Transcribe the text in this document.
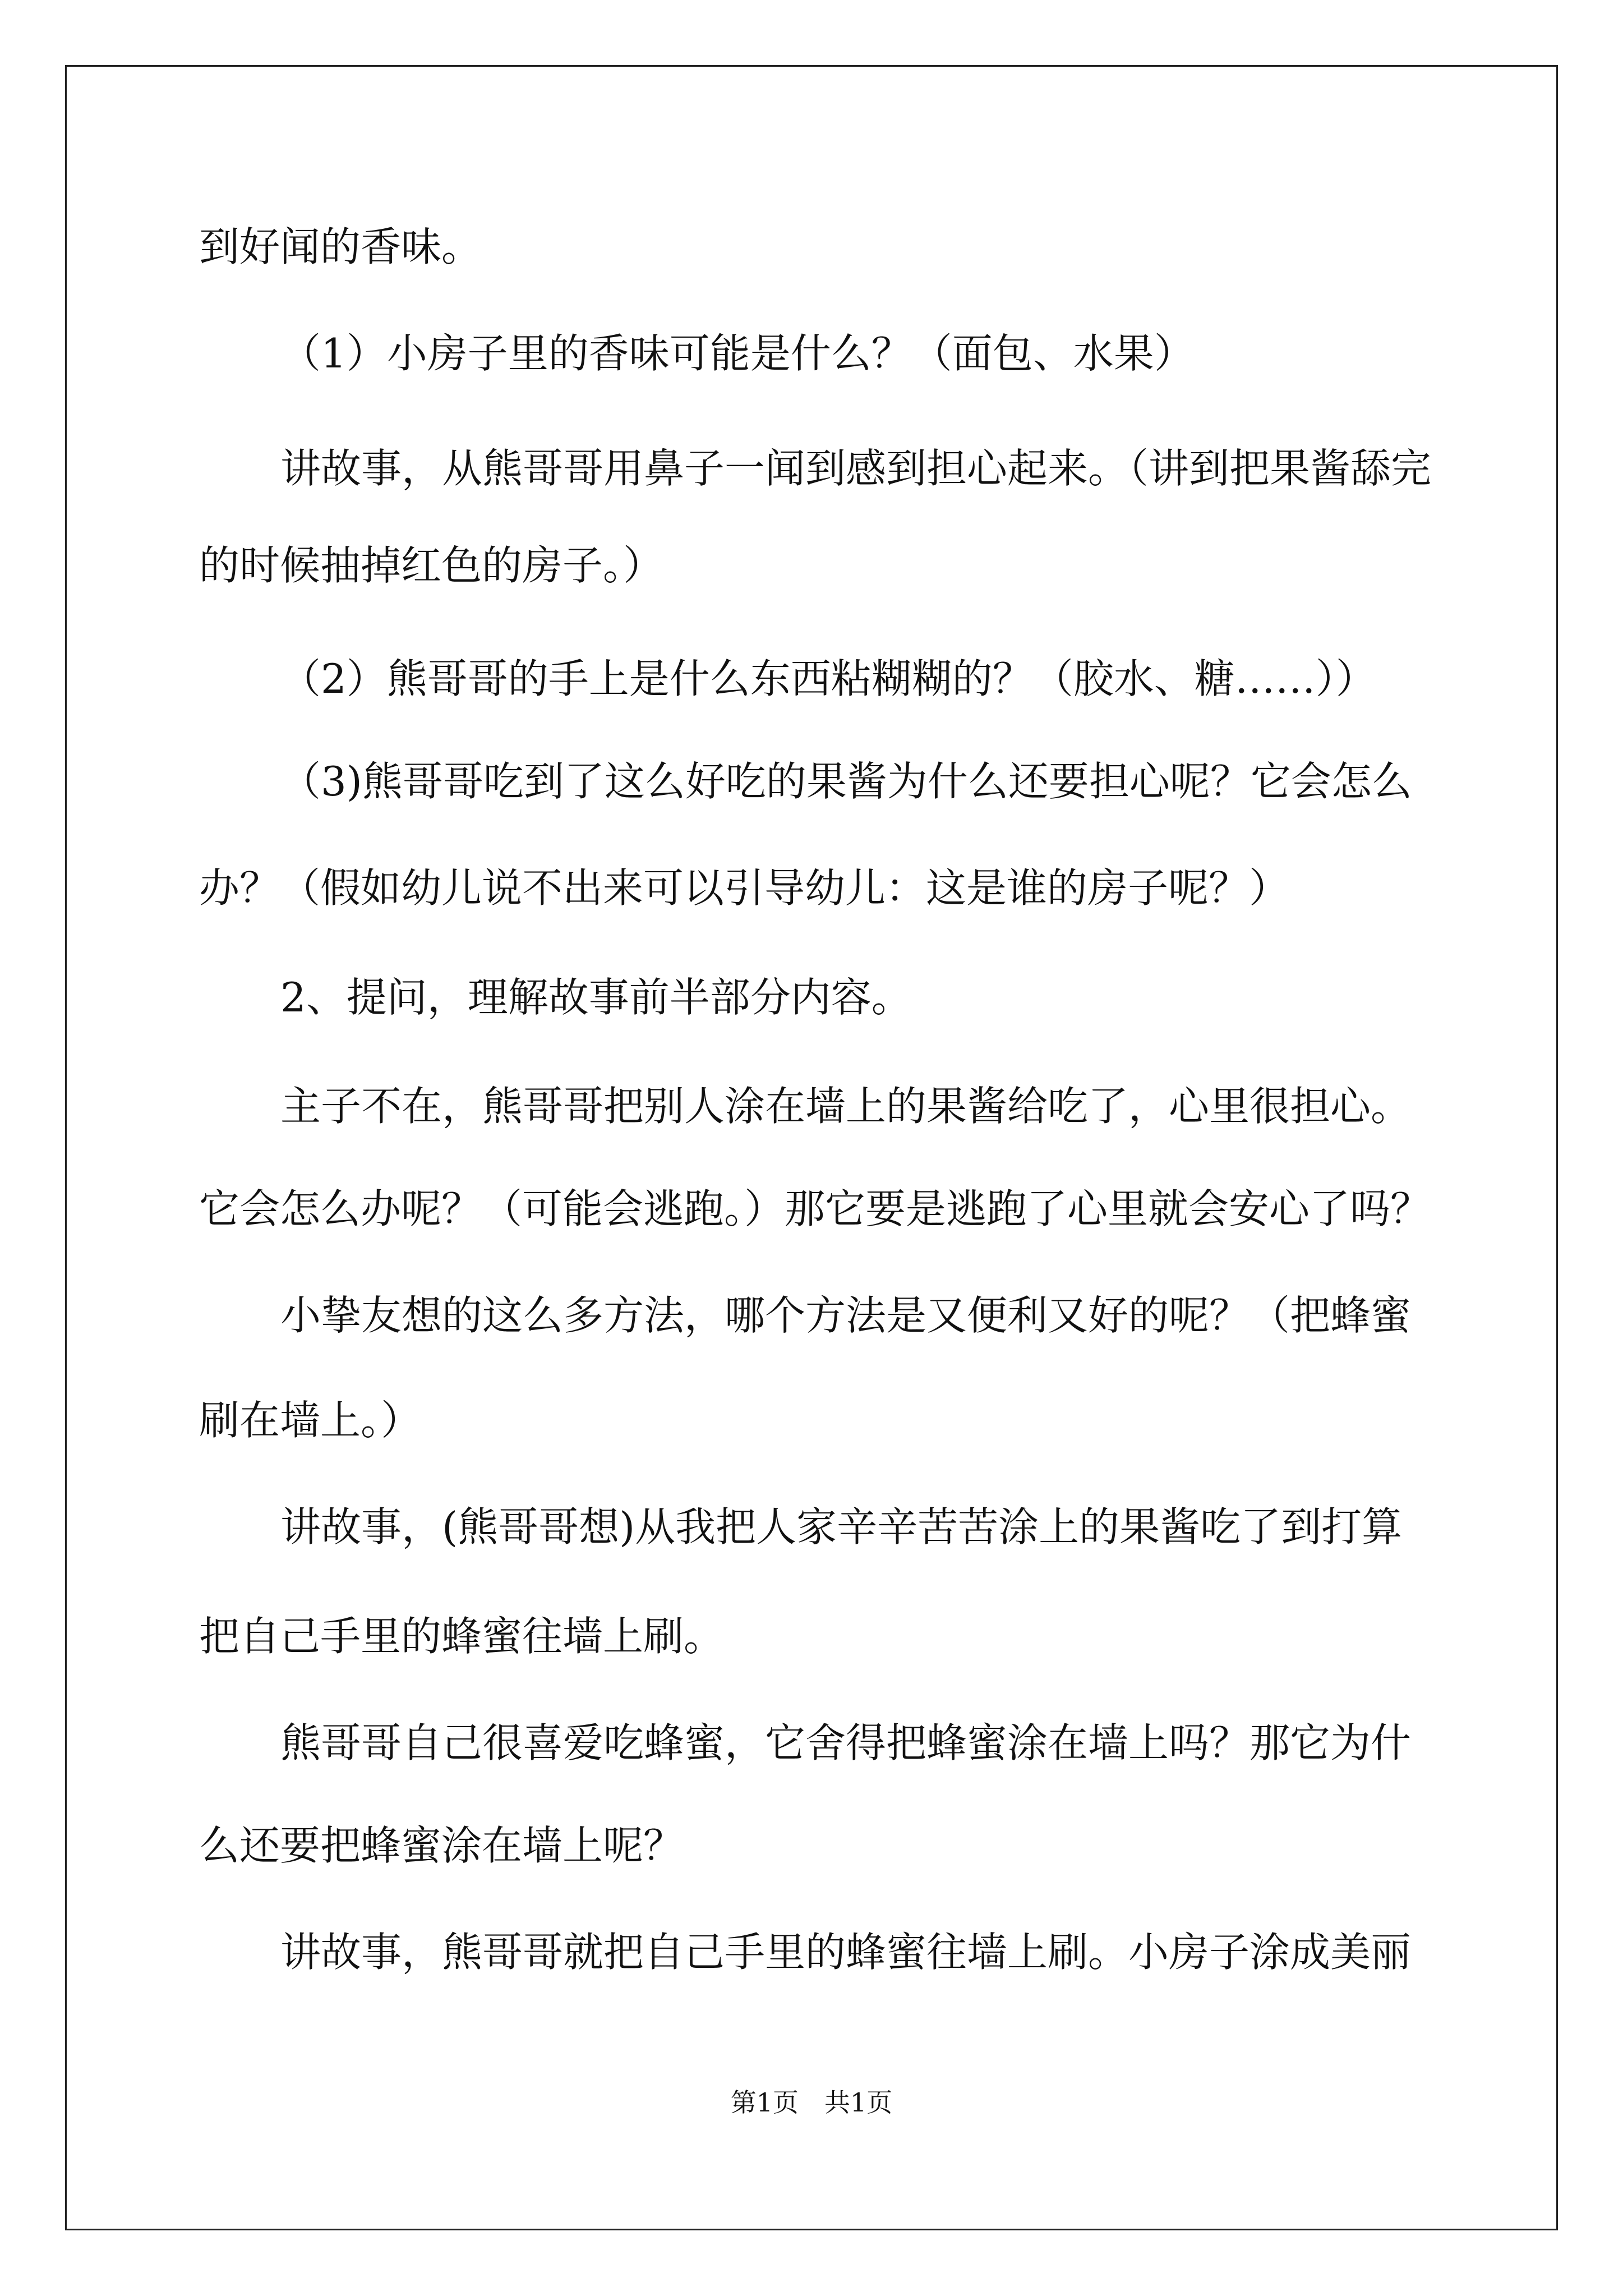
到好闻的香味。
（1）小房子里的香味可能是什么？（面包、水果）
讲故事，从熊哥哥用鼻子一闻到感到担心起来。（讲到把果酱舔完
的时候抽掉红色的房子。）
（2）熊哥哥的手上是什么东西粘糊糊的？（胶水、糖……））
（3)熊哥哥吃到了这么好吃的果酱为什么还要担心呢？它会怎么
办？（假如幼儿说不出来可以引导幼儿：这是谁的房子呢？）
2、提问，理解故事前半部分内容。
主子不在，熊哥哥把别人涂在墙上的果酱给吃了，心里很担心。
它会怎么办呢？（可能会逃跑。）那它要是逃跑了心里就会安心了吗？
小挚友想的这么多方法，哪个方法是又便利又好的呢？（把蜂蜜
刷在墙上。）
讲故事，(熊哥哥想)从我把人家辛辛苦苦涂上的果酱吃了到打算
把自己手里的蜂蜜往墙上刷。
熊哥哥自己很喜爱吃蜂蜜，它舍得把蜂蜜涂在墙上吗？那它为什
么还要把蜂蜜涂在墙上呢？
讲故事，熊哥哥就把自己手里的蜂蜜往墙上刷。小房子涂成美丽
第1页　共1页
